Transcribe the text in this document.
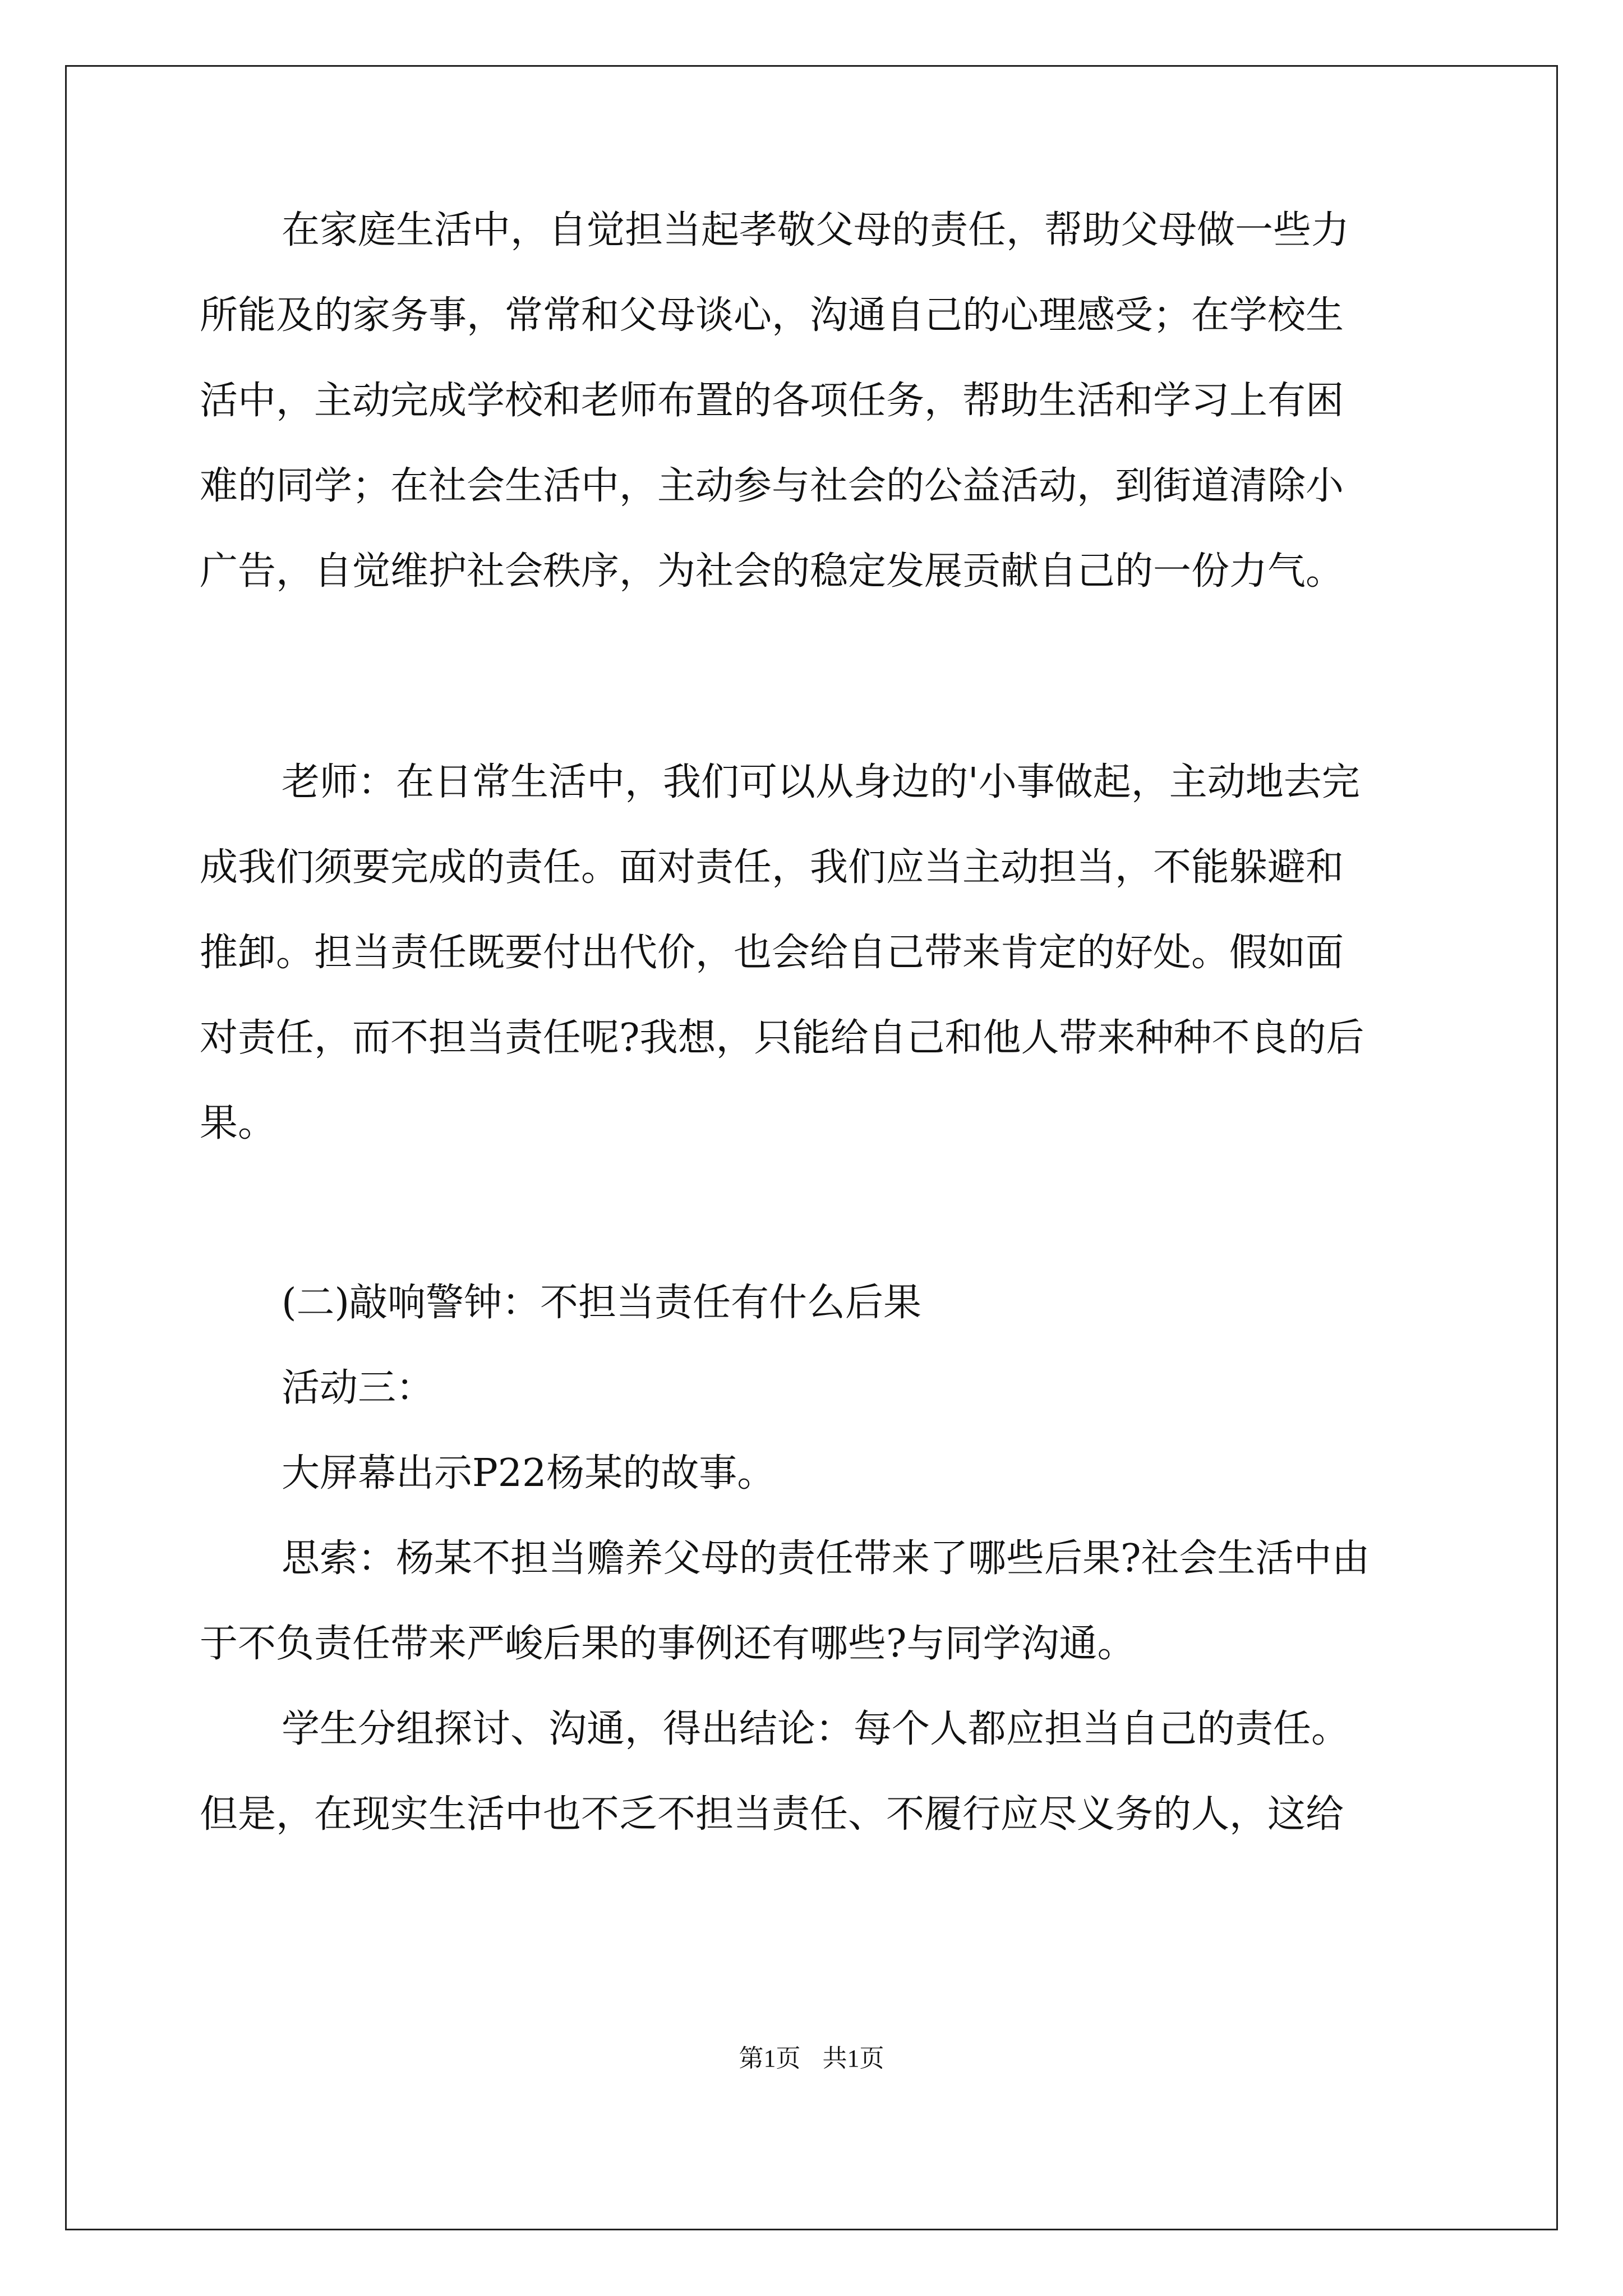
在家庭生活中，自觉担当起孝敬父母的责任，帮助父母做一些力
所能及的家务事，常常和父母谈心，沟通自己的心理感受；在学校生
活中，主动完成学校和老师布置的各项任务，帮助生活和学习上有困
难的同学；在社会生活中，主动参与社会的公益活动，到街道清除小
广告，自觉维护社会秩序，为社会的稳定发展贡献自己的一份力气。
老师：在日常生活中，我们可以从身边的'小事做起，主动地去完
成我们须要完成的责任。面对责任，我们应当主动担当，不能躲避和
推卸。担当责任既要付出代价，也会给自己带来肯定的好处。假如面
对责任，而不担当责任呢?我想，只能给自己和他人带来种种不良的后
果。
(二)敲响警钟：不担当责任有什么后果
活动三：
大屏幕出示P22杨某的故事。
思索：杨某不担当赡养父母的责任带来了哪些后果?社会生活中由
于不负责任带来严峻后果的事例还有哪些?与同学沟通。
学生分组探讨、沟通，得出结论：每个人都应担当自己的责任。
但是，在现实生活中也不乏不担当责任、不履行应尽义务的人，这给
第1页 共1页
